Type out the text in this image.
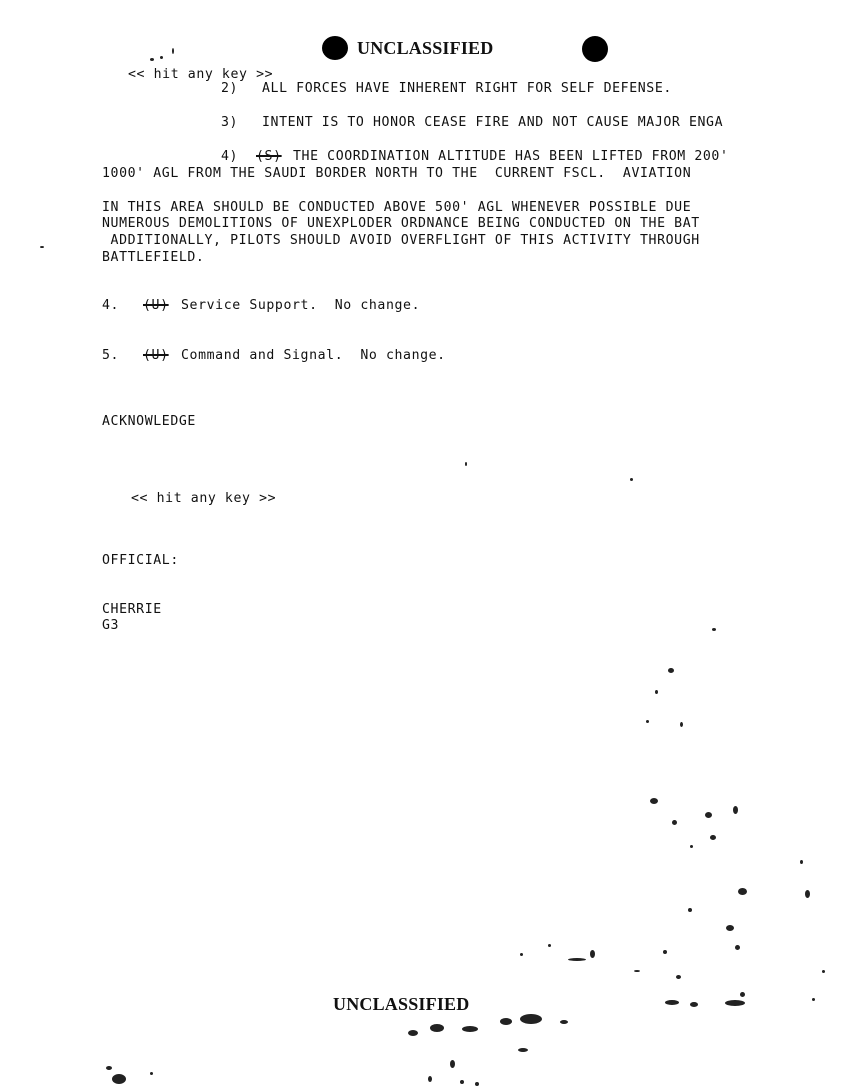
UNCLASSIFIED
<< hit any key >>
2) ALL FORCES HAVE INHERENT RIGHT FOR SELF DEFENSE.
3) INTENT IS TO HONOR CEASE FIRE AND NOT CAUSE MAJOR ENGA
4) (S) THE COORDINATION ALTITUDE HAS BEEN LIFTED FROM 200'
1000' AGL FROM THE SAUDI BORDER NORTH TO THE  CURRENT FSCL.  AVIATION
IN THIS AREA SHOULD BE CONDUCTED ABOVE 500' AGL WHENEVER POSSIBLE DUE
NUMEROUS DEMOLITIONS OF UNEXPLODER ORDNANCE BEING CONDUCTED ON THE BAT
ADDITIONALLY, PILOTS SHOULD AVOID OVERFLIGHT OF THIS ACTIVITY THROUGH
BATTLEFIELD.
4. (U) Service Support.  No change.
5. (U) Command and Signal.  No change.
ACKNOWLEDGE
<< hit any key >>
OFFICIAL:
CHERRIE
G3
UNCLASSIFIED
